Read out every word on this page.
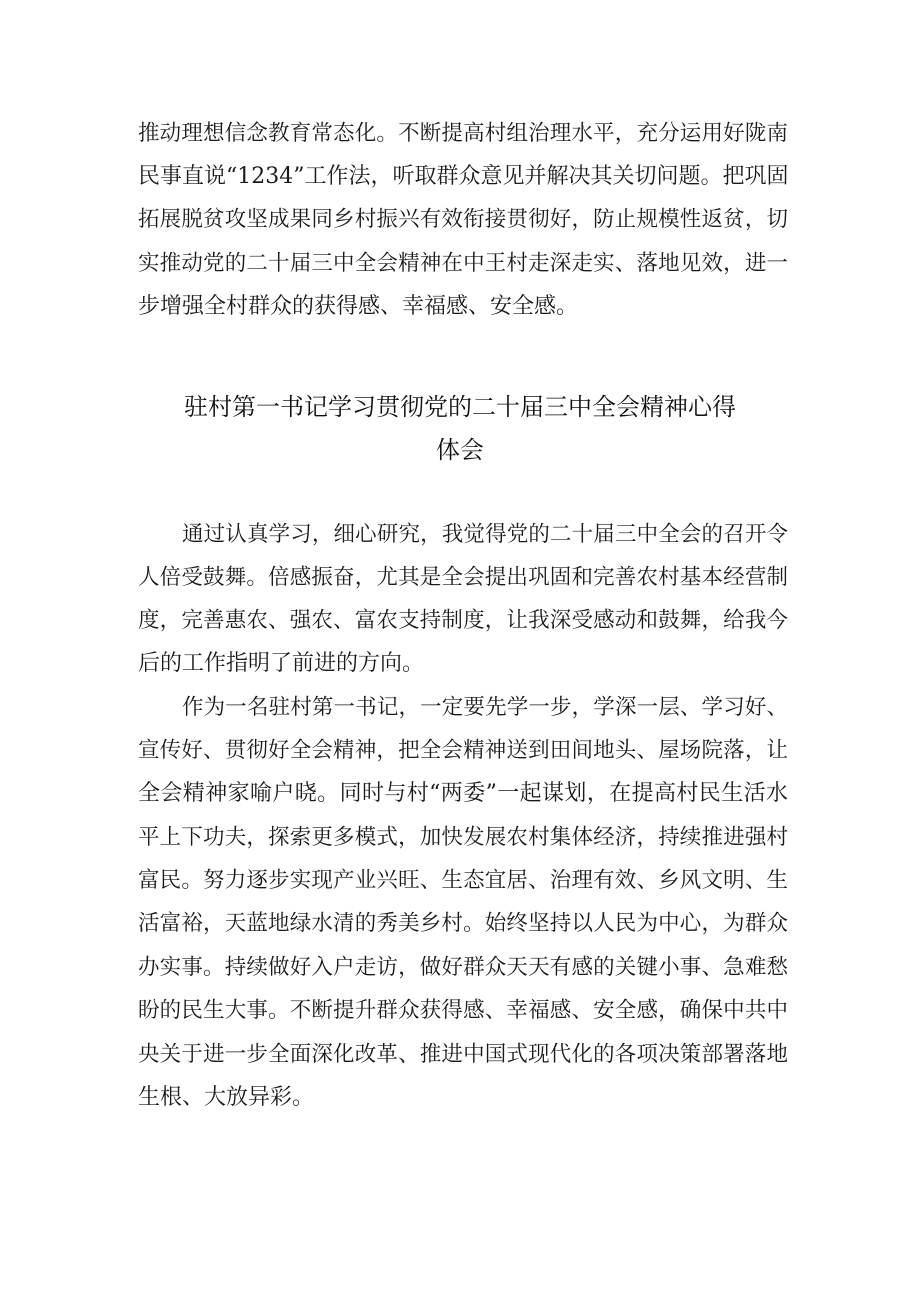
推动理想信念教育常态化。不断提高村组治理水平，充分运用好陇南
民事直说“1234”工作法，听取群众意见并解决其关切问题。把巩固
拓展脱贫攻坚成果同乡村振兴有效衔接贯彻好，防止规模性返贫，切
实推动党的二十届三中全会精神在中王村走深走实、落地见效，进一
步增强全村群众的获得感、幸福感、安全感。
驻村第一书记学习贯彻党的二十届三中全会精神心得
体会
通过认真学习，细心研究，我觉得党的二十届三中全会的召开令
人倍受鼓舞。倍感振奋，尤其是全会提出巩固和完善农村基本经营制
度，完善惠农、强农、富农支持制度，让我深受感动和鼓舞，给我今
后的工作指明了前进的方向。
作为一名驻村第一书记，一定要先学一步，学深一层、学习好、
宣传好、贯彻好全会精神，把全会精神送到田间地头、屋场院落，让
全会精神家喻户晓。同时与村“两委”一起谋划，在提高村民生活水
平上下功夫，探索更多模式，加快发展农村集体经济，持续推进强村
富民。努力逐步实现产业兴旺、生态宜居、治理有效、乡风文明、生
活富裕，天蓝地绿水清的秀美乡村。始终坚持以人民为中心，为群众
办实事。持续做好入户走访，做好群众天天有感的关键小事、急难愁
盼的民生大事。不断提升群众获得感、幸福感、安全感，确保中共中
央关于进一步全面深化改革、推进中国式现代化的各项决策部署落地
生根、大放异彩。
